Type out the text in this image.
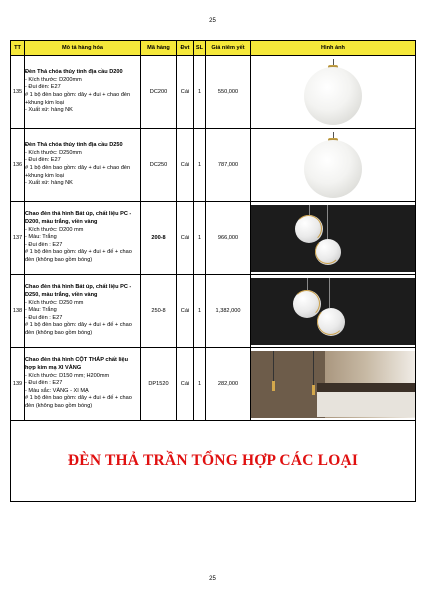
25
TT	Mô tả hàng hóa	Mã hàng	Đvt	SL	Giá niêm yết	Hình ảnh
135	Đèn Thả chóa thủy tinh địa cầu D200
- Kích thước: D200mm
- Đui đèn: E27
# 1 bộ đèn bao gồm: dây + đui + chao đèn +khung kim loại
- Xuất xứ: hàng NK	DC200	Cái	1	550,000	

136	Đèn Thả chóa thủy tinh địa cầu D250
- Kích thước: D250mm
- Đui đèn: E27
# 1 bộ đèn bao gồm: dây + đui + chao đèn +khung kim loại
- Xuất xứ: hàng NK	DC250	Cái	1	787,000	

137	Chao đèn thả hình Bát úp, chất liệu PC - D200, màu trắng, viền vàng
- Kích thước: D200 mm
- Màu: Trắng
- Đui đèn : E27
# 1 bộ đèn bao gồm: dây + đui + đế + chao đèn (không bao gồm bóng)	200-8	Cái	1	966,000	

138	Chao đèn thả hình Bát úp, chất liệu PC - D250, màu trắng, viền vàng
- Kích thước: D250 mm
- Màu: Trắng
- Đui đèn : E27
# 1 bộ đèn bao gồm: dây + đui + đế + chao đèn (không bao gồm bóng)	250-8	Cái	1	1,382,000	

139	Chao đèn thả hình CỘT THÁP chất liệu hợp kim mạ XI VÀNG
- Kích thước: D150 mm; H200mm
- Đui đèn : E27
- Màu sắc: VÀNG - XI MẠ
# 1 bộ đèn bao gồm: dây + đui + đế + chao đèn (không bao gồm bóng)	DP1520	Cái	1	282,000	

ĐÈN THẢ TRẦN TỔNG HỢP CÁC LOẠI						
25
